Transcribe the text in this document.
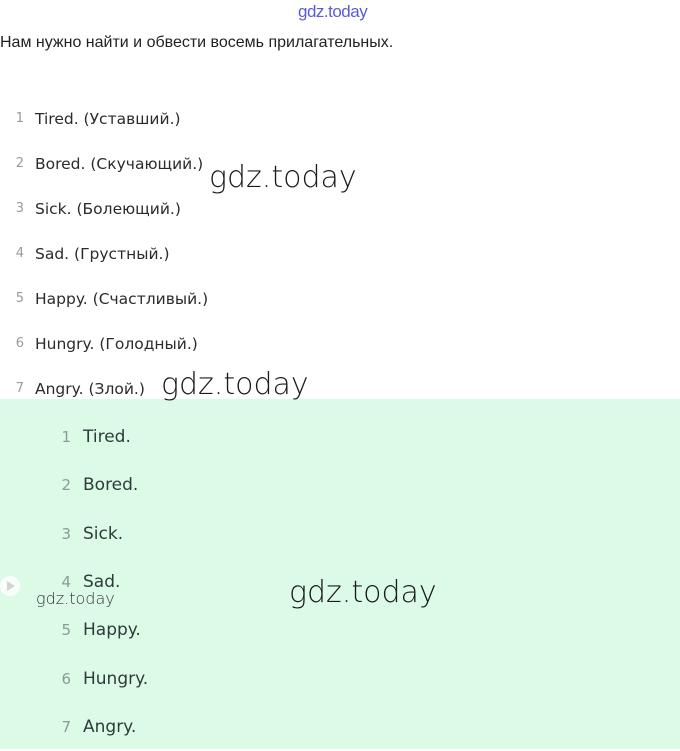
gdz.today
Нам нужно найти и обвести восемь прилагательных.
1 Tired. (Уставший.)
2 Bored. (Скучающий.)
3 Sick. (Болеющий.)
4 Sad. (Грустный.)
5 Happy. (Счастливый.)
6 Hungry. (Голодный.)
7 Angry. (Злой.)
1 Tired.
2 Bored.
3 Sick.
4 Sad.
5 Happy.
6 Hungry.
7 Angry.
gdz.today
gdz.today
gdz.today
gdz.today
